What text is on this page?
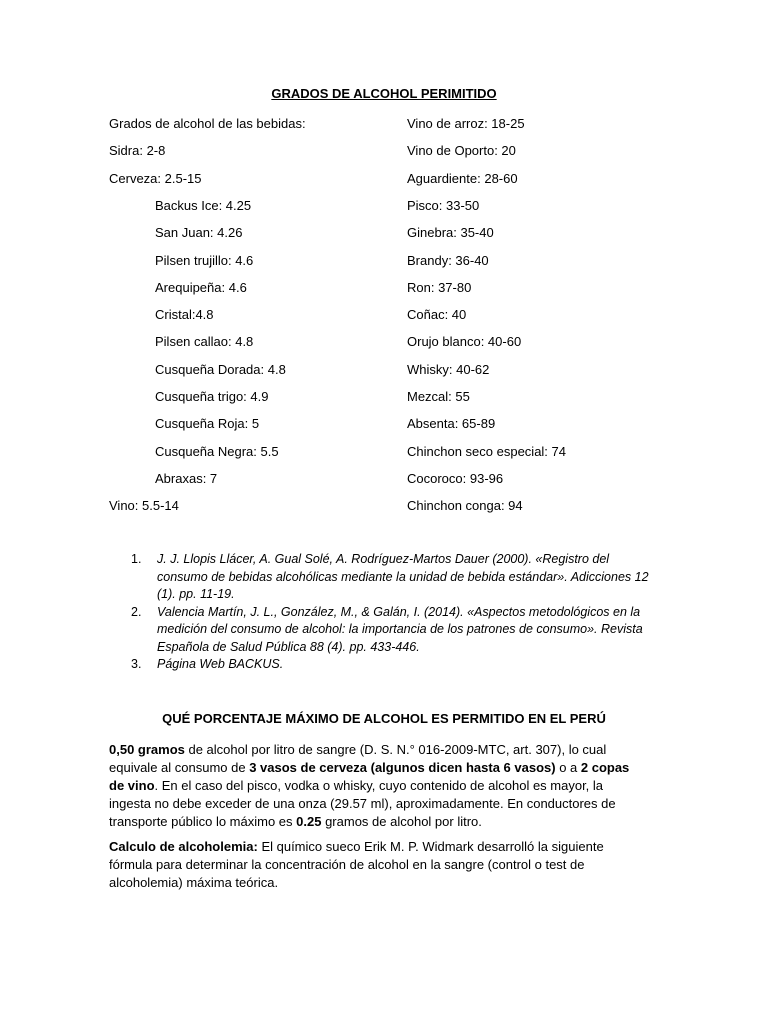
GRADOS DE ALCOHOL PERIMITIDO
Grados de alcohol de las bebidas:
Sidra: 2-8
Cerveza: 2.5-15
Backus Ice: 4.25
San Juan: 4.26
Pilsen trujillo: 4.6
Arequipeña: 4.6
Cristal:4.8
Pilsen callao: 4.8
Cusqueña Dorada: 4.8
Cusqueña trigo: 4.9
Cusqueña Roja: 5
Cusqueña Negra: 5.5
Abraxas: 7
Vino: 5.5-14
Vino de arroz: 18-25
Vino de Oporto: 20
Aguardiente: 28-60
Pisco: 33-50
Ginebra: 35-40
Brandy: 36-40
Ron: 37-80
Coñac: 40
Orujo blanco: 40-60
Whisky: 40-62
Mezcal: 55
Absenta: 65-89
Chinchon seco especial: 74
Cocoroco: 93-96
Chinchon conga: 94
1. J. J. Llopis Llácer, A. Gual Solé, A. Rodríguez-Martos Dauer (2000). «Registro del consumo de bebidas alcohólicas mediante la unidad de bebida estándar». Adicciones 12 (1). pp. 11-19.
2. Valencia Martín, J. L., González, M., & Galán, I. (2014). «Aspectos metodológicos en la medición del consumo de alcohol: la importancia de los patrones de consumo». Revista Española de Salud Pública 88 (4). pp. 433-446.
3. Página Web BACKUS.
QUÉ PORCENTAJE MÁXIMO DE ALCOHOL ES PERMITIDO EN EL PERÚ
0,50 gramos de alcohol por litro de sangre (D. S. N.° 016-2009-MTC, art. 307), lo cual equivale al consumo de 3 vasos de cerveza (algunos dicen hasta 6 vasos) o a 2 copas de vino. En el caso del pisco, vodka o whisky, cuyo contenido de alcohol es mayor, la ingesta no debe exceder de una onza (29.57 ml), aproximadamente. En conductores de transporte público lo máximo es 0.25 gramos de alcohol por litro.
Calculo de alcoholemia: El químico sueco Erik M. P. Widmark desarrolló la siguiente fórmula para determinar la concentración de alcohol en la sangre (control o test de alcoholemia) máxima teórica.
